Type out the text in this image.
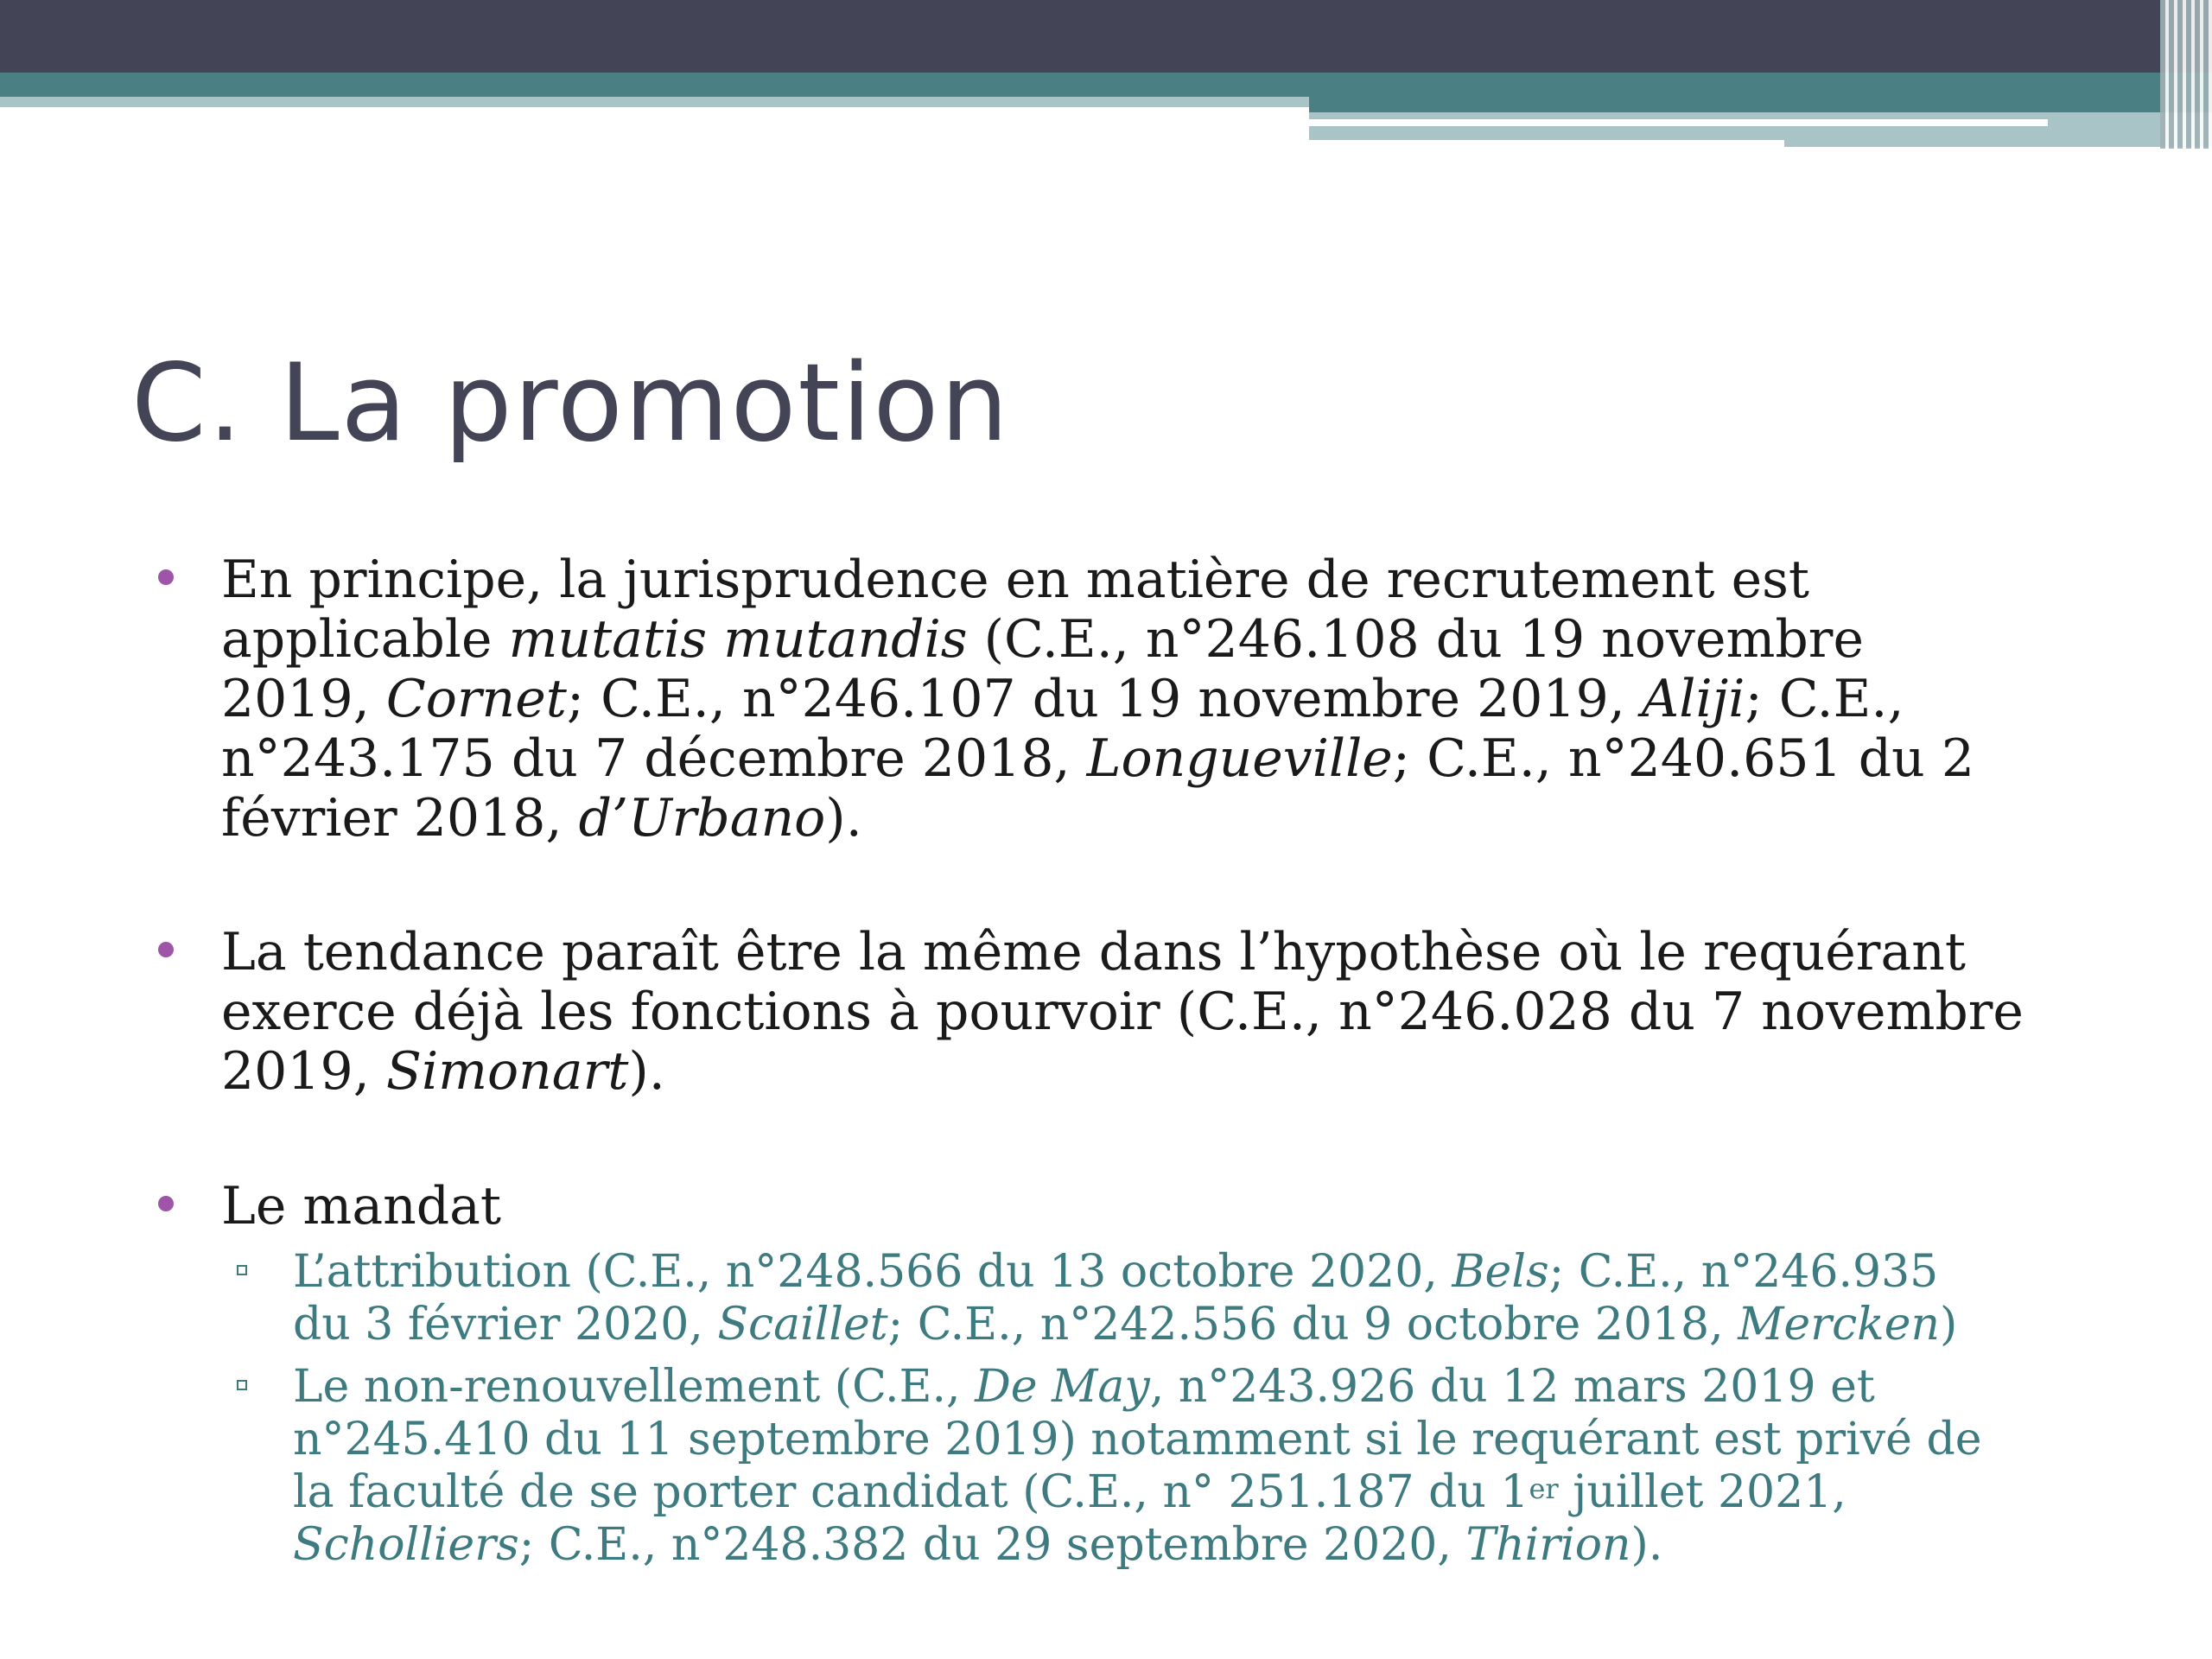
C. La promotion
En principe, la jurisprudence en matière de recrutement est
applicable mutatis mutandis (C.E., n°246.108 du 19 novembre
2019, Cornet; C.E., n°246.107 du 19 novembre 2019, Aliji; C.E.,
n°243.175 du 7 décembre 2018, Longueville; C.E., n°240.651 du 2
février 2018, d’Urbano).
La tendance paraît être la même dans l’hypothèse où le requérant
exerce déjà les fonctions à pourvoir (C.E., n°246.028 du 7 novembre
2019, Simonart).
Le mandat
L’attribution (C.E., n°248.566 du 13 octobre 2020, Bels; C.E., n°246.935
du 3 février 2020, Scaillet; C.E., n°242.556 du 9 octobre 2018, Mercken)
Le non-renouvellement (C.E., De May, n°243.926 du 12 mars 2019 et
n°245.410 du 11 septembre 2019) notamment si le requérant est privé de
la faculté de se porter candidat (C.E., n° 251.187 du 1er juillet 2021,
Scholliers; C.E., n°248.382 du 29 septembre 2020, Thirion).
